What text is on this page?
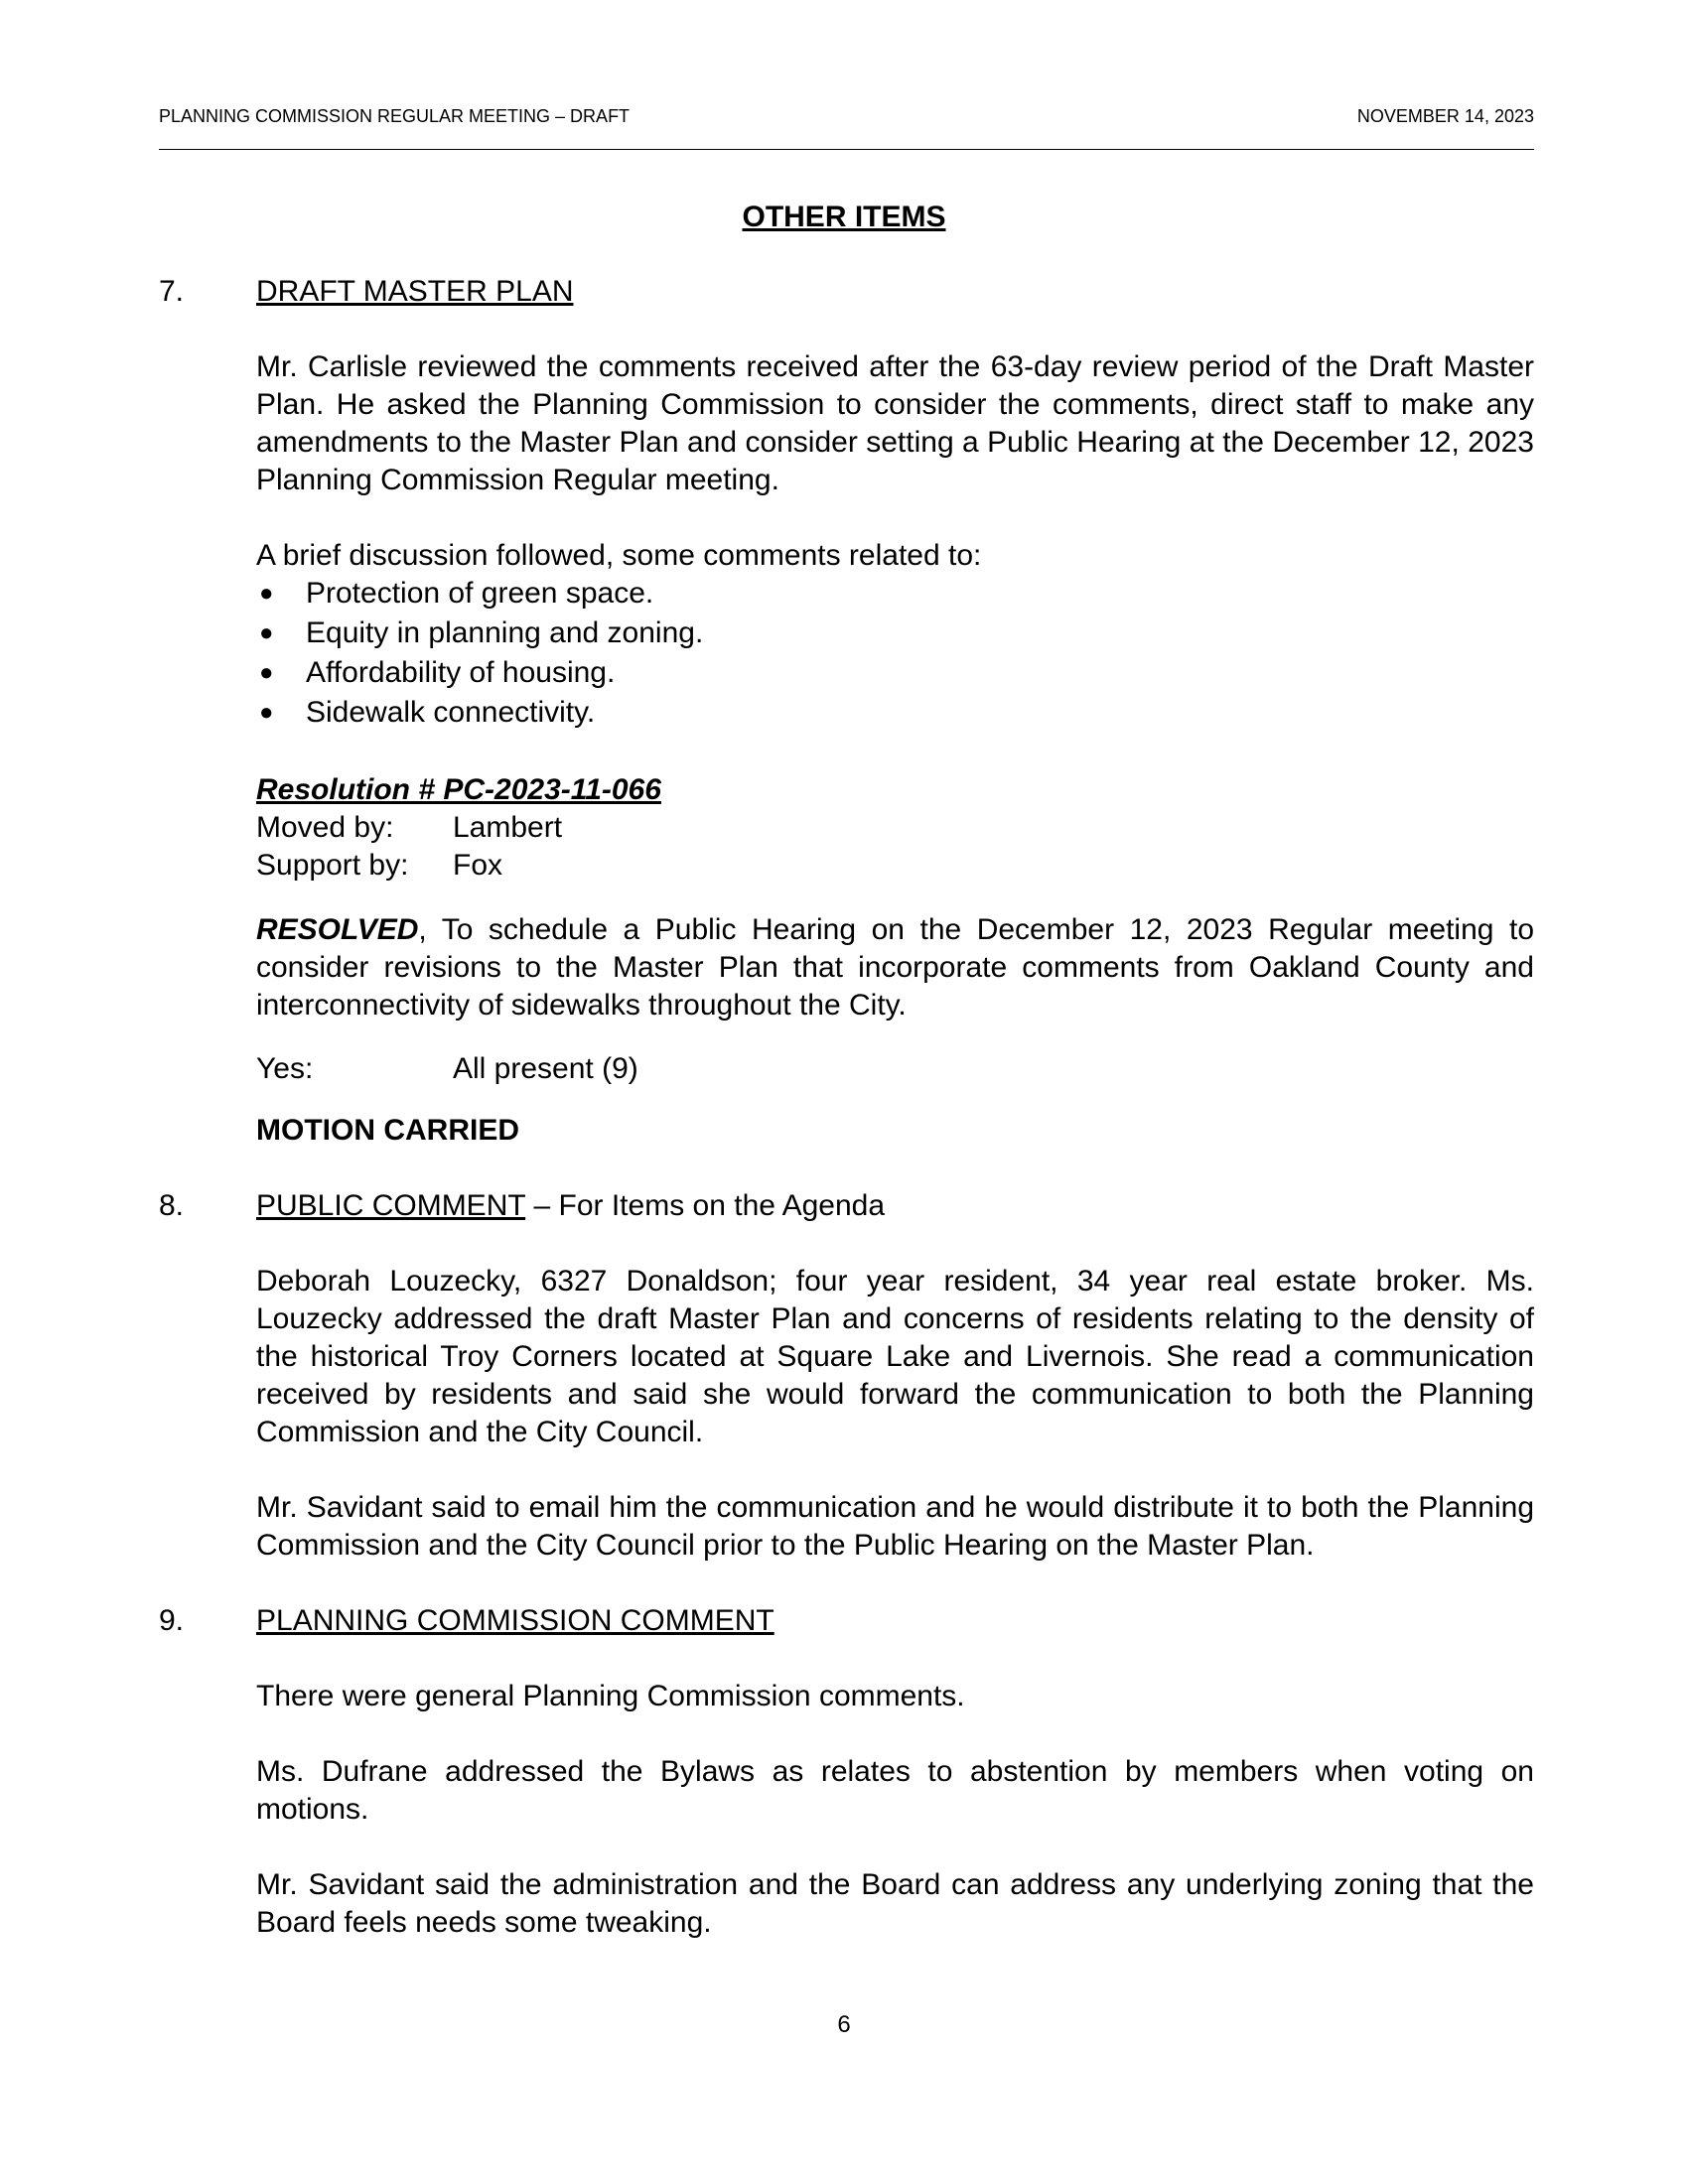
PLANNING COMMISSION REGULAR MEETING – DRAFT	NOVEMBER 14, 2023
OTHER ITEMS
7. DRAFT MASTER PLAN
Mr. Carlisle reviewed the comments received after the 63-day review period of the Draft Master Plan. He asked the Planning Commission to consider the comments, direct staff to make any amendments to the Master Plan and consider setting a Public Hearing at the December 12, 2023 Planning Commission Regular meeting.
A brief discussion followed, some comments related to:
● Protection of green space.
● Equity in planning and zoning.
● Affordability of housing.
● Sidewalk connectivity.
Resolution # PC-2023-11-066
Moved by: Lambert
Support by: Fox
RESOLVED, To schedule a Public Hearing on the December 12, 2023 Regular meeting to consider revisions to the Master Plan that incorporate comments from Oakland County and interconnectivity of sidewalks throughout the City.
Yes:	All present (9)
MOTION CARRIED
8. PUBLIC COMMENT – For Items on the Agenda
Deborah Louzecky, 6327 Donaldson; four year resident, 34 year real estate broker. Ms. Louzecky addressed the draft Master Plan and concerns of residents relating to the density of the historical Troy Corners located at Square Lake and Livernois. She read a communication received by residents and said she would forward the communication to both the Planning Commission and the City Council.
Mr. Savidant said to email him the communication and he would distribute it to both the Planning Commission and the City Council prior to the Public Hearing on the Master Plan.
9. PLANNING COMMISSION COMMENT
There were general Planning Commission comments.
Ms. Dufrane addressed the Bylaws as relates to abstention by members when voting on motions.
Mr. Savidant said the administration and the Board can address any underlying zoning that the Board feels needs some tweaking.
6
